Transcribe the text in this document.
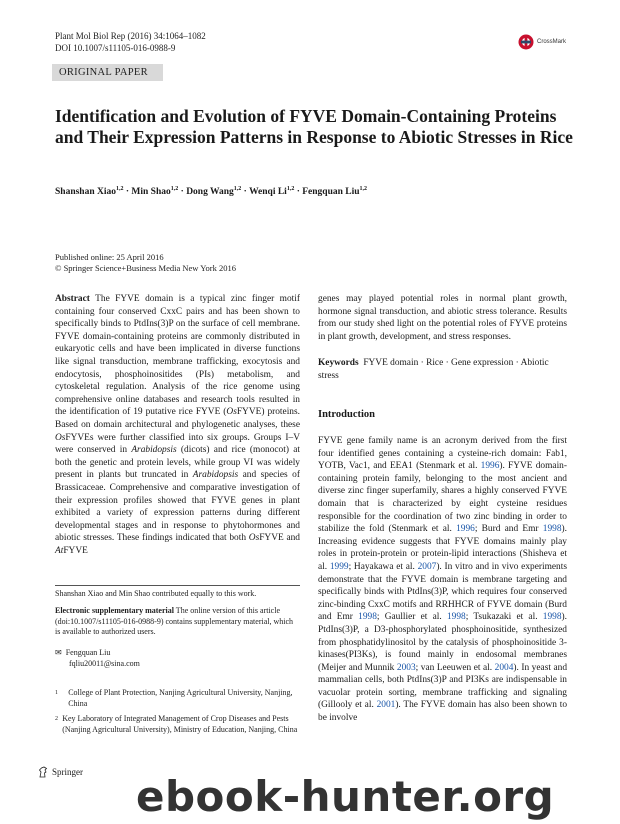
Plant Mol Biol Rep (2016) 34:1064–1082
DOI 10.1007/s11105-016-0988-9
CrossMark
ORIGINAL PAPER
Identification and Evolution of FYVE Domain-Containing Proteins and Their Expression Patterns in Response to Abiotic Stresses in Rice
Shanshan Xiao$^{1,2}$ · Min Shao$^{1,2}$ · Dong Wang$^{1,2}$ · Wenqi Li$^{1,2}$ · Fengquan Liu$^{1,2}$
Published online: 25 April 2016
© Springer Science+Business Media New York 2016

Abstract The FYVE domain is a typical zinc finger motif containing four conserved CxxC pairs and has been shown to specifically binds to PtdIns(3)P on the surface of cell membrane. FYVE domain-containing proteins are commonly distributed in eukaryotic cells and have been implicated in diverse functions like signal transduction, membrane trafficking, exocytosis and endocytosis, phosphoinositides (PIs) metabolism, and cytoskeletal regulation. Analysis of the rice genome using comprehensive online databases and research tools resulted in the identification of 19 putative rice FYVE (OsFYVE) proteins. Based on domain architectural and phylogenetic analyses, these OsFYVEs were further classified into six groups. Groups I–V were conserved in Arabidopsis (dicots) and rice (monocot) at both the genetic and protein levels, while group VI was widely present in plants but truncated in Arabidopsis and species of Brassicaceae. Comprehensive and comparative investigation of their expression profiles showed that FYVE genes in plant exhibited a variety of expression patterns during different developmental stages and in response to phytohormones and abiotic stresses. These findings indicated that both OsFYVE and AtFYVE

genes may played potential roles in normal plant growth, hormone signal transduction, and abiotic stress tolerance. Results from our study shed light on the potential roles of FYVE proteins in plant growth, development, and stress responses.

Keywords FYVE domain · Rice · Gene expression · Abiotic stress
Introduction
FYVE gene family name is an acronym derived from the first four identified genes containing a cysteine-rich domain: Fab1, YOTB, Vac1, and EEA1 (Stenmark et al. 1996). FYVE domain-containing protein family, belonging to the most ancient and diverse zinc finger superfamily, shares a highly conserved FYVE domain that is characterized by eight cysteine residues responsible for the coordination of two zinc binding in order to stabilize the fold (Stenmark et al. 1996; Burd and Emr 1998). Increasing evidence suggests that FYVE domains mainly play roles in protein-protein or protein-lipid interactions (Shisheva et al. 1999; Hayakawa et al. 2007). In vitro and in vivo experiments demonstrate that the FYVE domain is membrane targeting and specifically binds with PtdIns(3)P, which requires four conserved zinc-binding CxxC motifs and RRHHCR of FYVE domain (Burd and Emr 1998; Gaullier et al. 1998; Tsukazaki et al. 1998). PtdIns(3)P, a D3-phosphorylated phosphoinositide, synthesized from phosphatidylinositol by the catalysis of phosphoinositide 3-kinases(PI3Ks), is found mainly in endosomal membranes (Meijer and Munnik 2003; van Leeuwen et al. 2004). In yeast and mammalian cells, both PtdIns(3)P and PI3Ks are indispensable in vacuolar protein sorting, membrane trafficking and signaling (Gillooly et al. 2001). The FYVE domain has also been shown to be involve
Shanshan Xiao and Min Shao contributed equally to this work.
Electronic supplementary material The online version of this article (doi:10.1007/s11105-016-0988-9) contains supplementary material, which is available to authorized users.
✉ Fengquan Liu
fqliu20011@sina.com
1	College of Plant Protection, Nanjing Agricultural University, Nanjing, China
2 Key Laboratory of Integrated Management of Crop Diseases and Pests (Nanjing Agricultural University), Ministry of Education, Nanjing, China
Springer ebook-hunter.org
